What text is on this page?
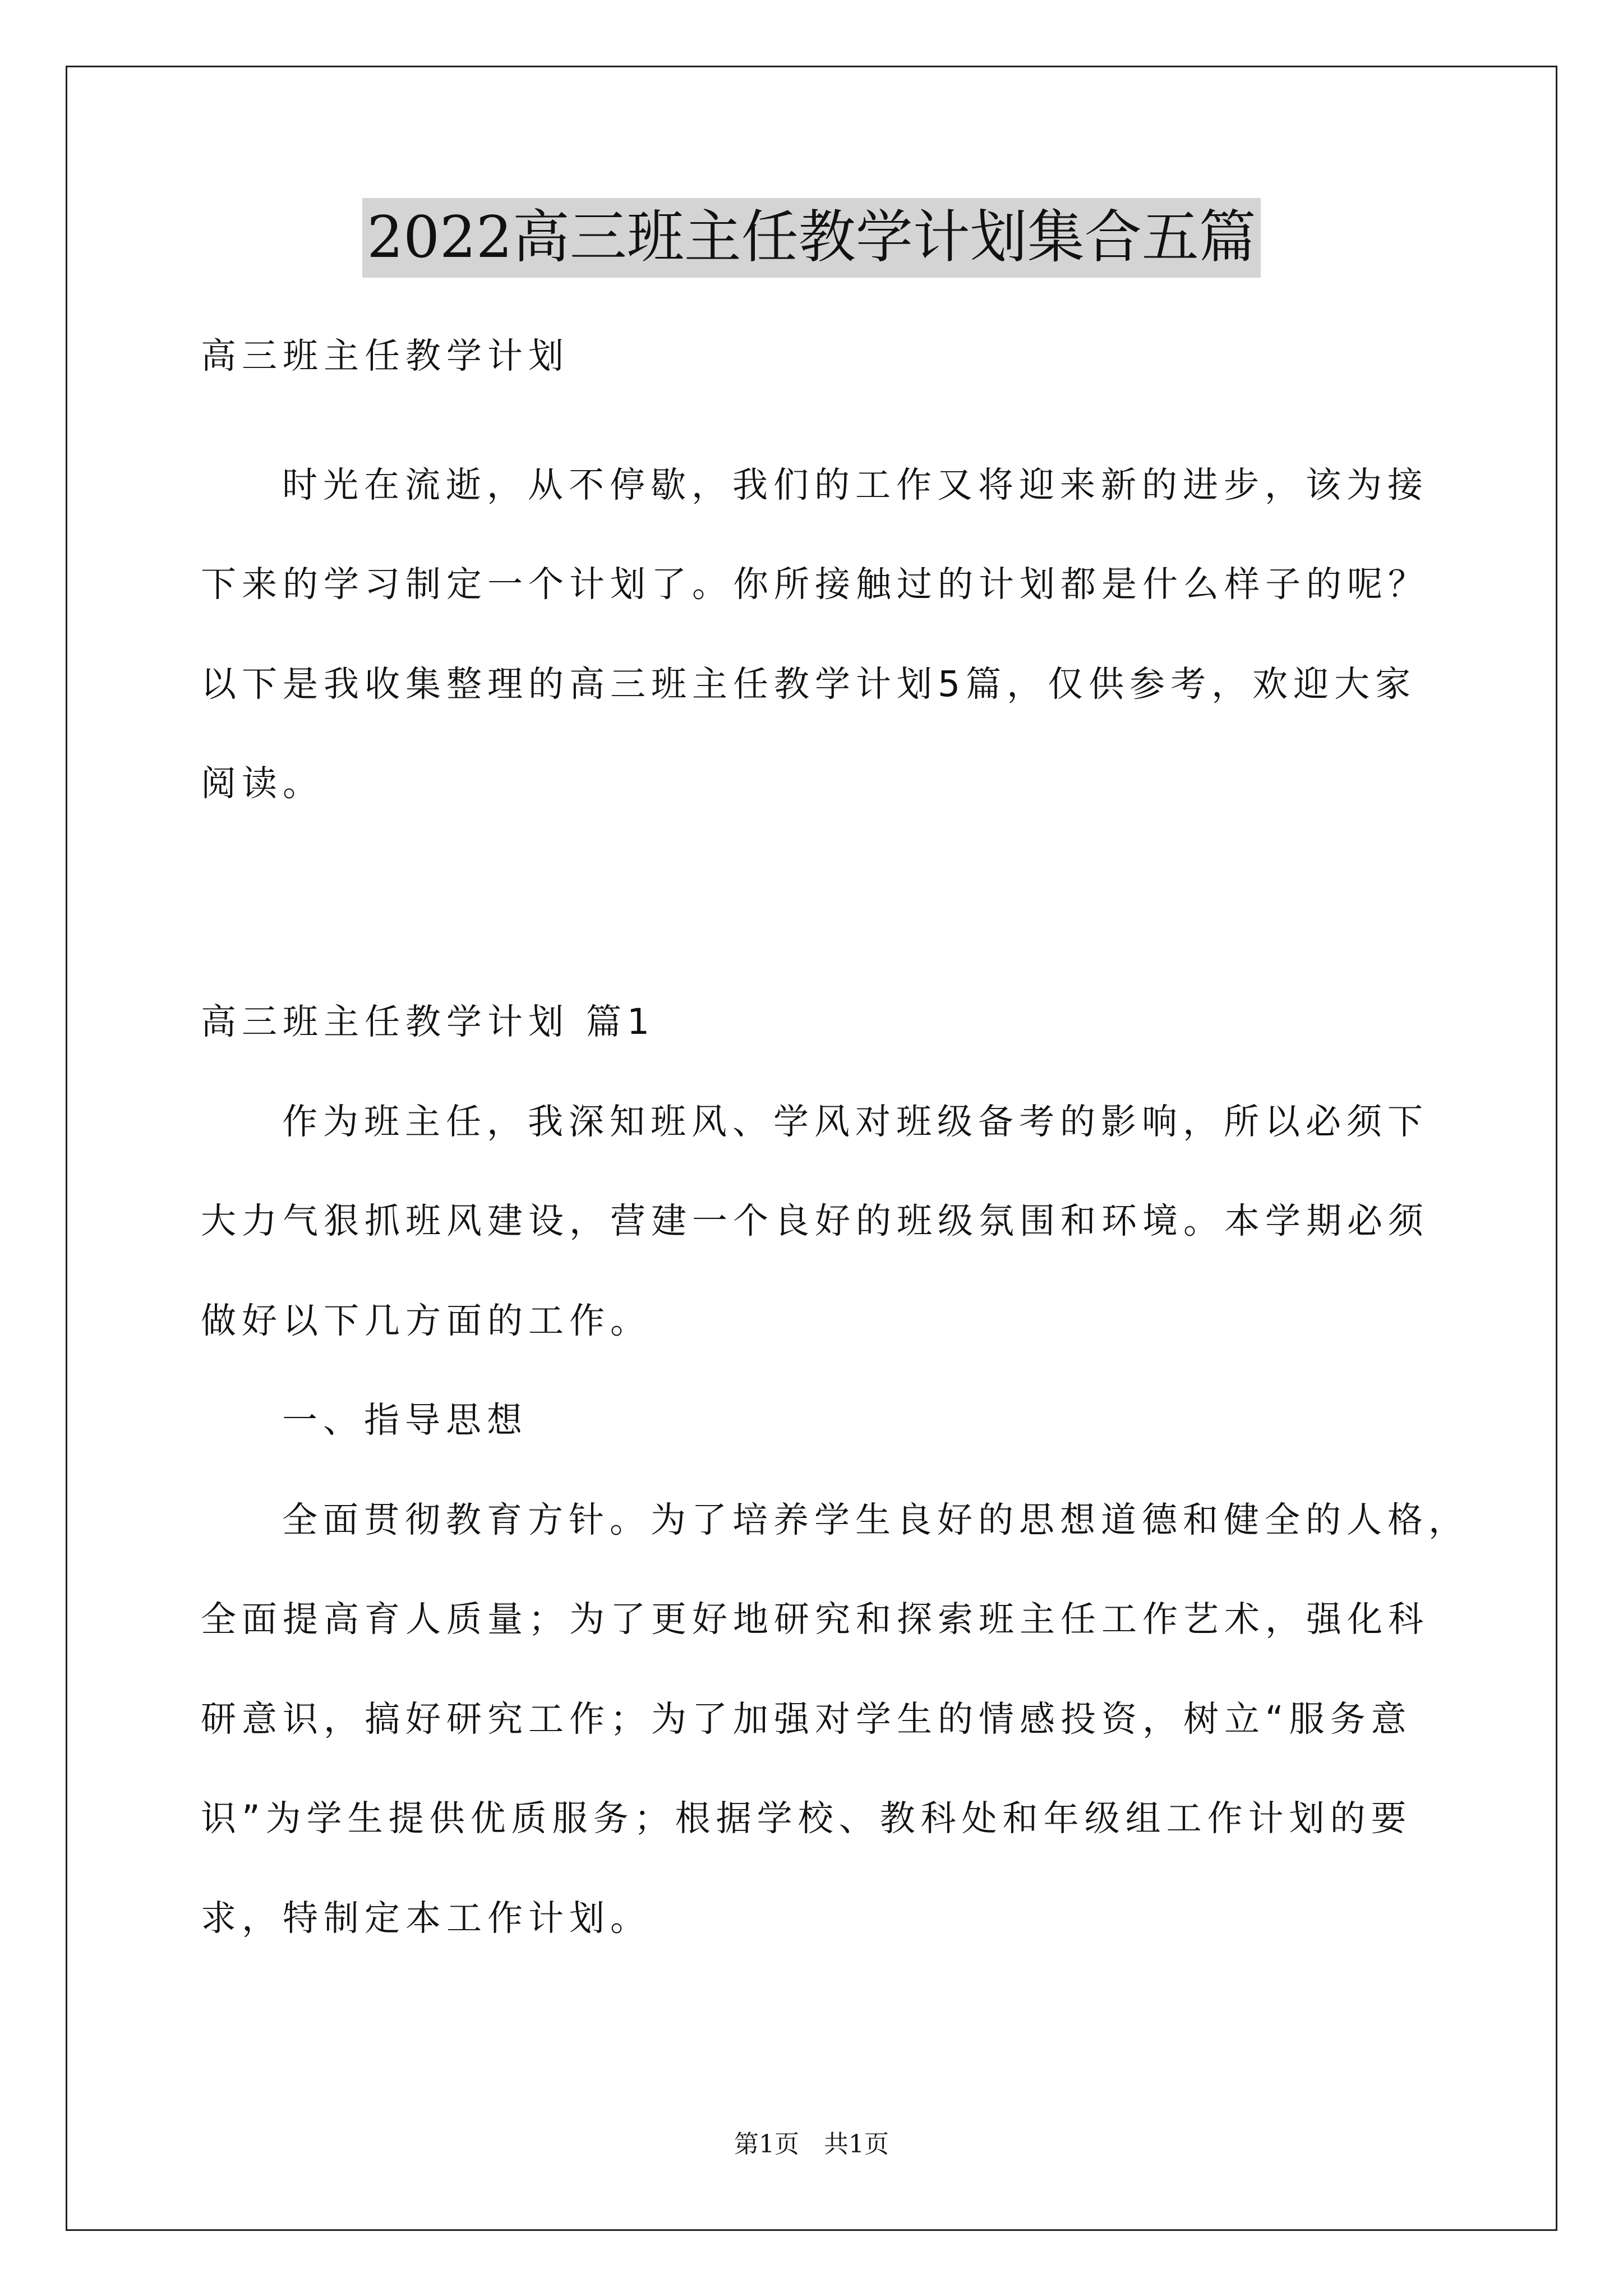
2022高三班主任教学计划集合五篇
高三班主任教学计划
时光在流逝，从不停歇，我们的工作又将迎来新的进步，该为接
下来的学习制定一个计划了。你所接触过的计划都是什么样子的呢？
以下是我收集整理的高三班主任教学计划5篇，仅供参考，欢迎大家
阅读。
高三班主任教学计划 篇1
作为班主任，我深知班风、学风对班级备考的影响，所以必须下
大力气狠抓班风建设，营建一个良好的班级氛围和环境。本学期必须
做好以下几方面的工作。
一、指导思想
全面贯彻教育方针。为了培养学生良好的思想道德和健全的人格，
全面提高育人质量；为了更好地研究和探索班主任工作艺术，强化科
研意识，搞好研究工作；为了加强对学生的情感投资，树立“服务意
识”为学生提供优质服务；根据学校、教科处和年级组工作计划的要
求，特制定本工作计划。
第1页　共1页
